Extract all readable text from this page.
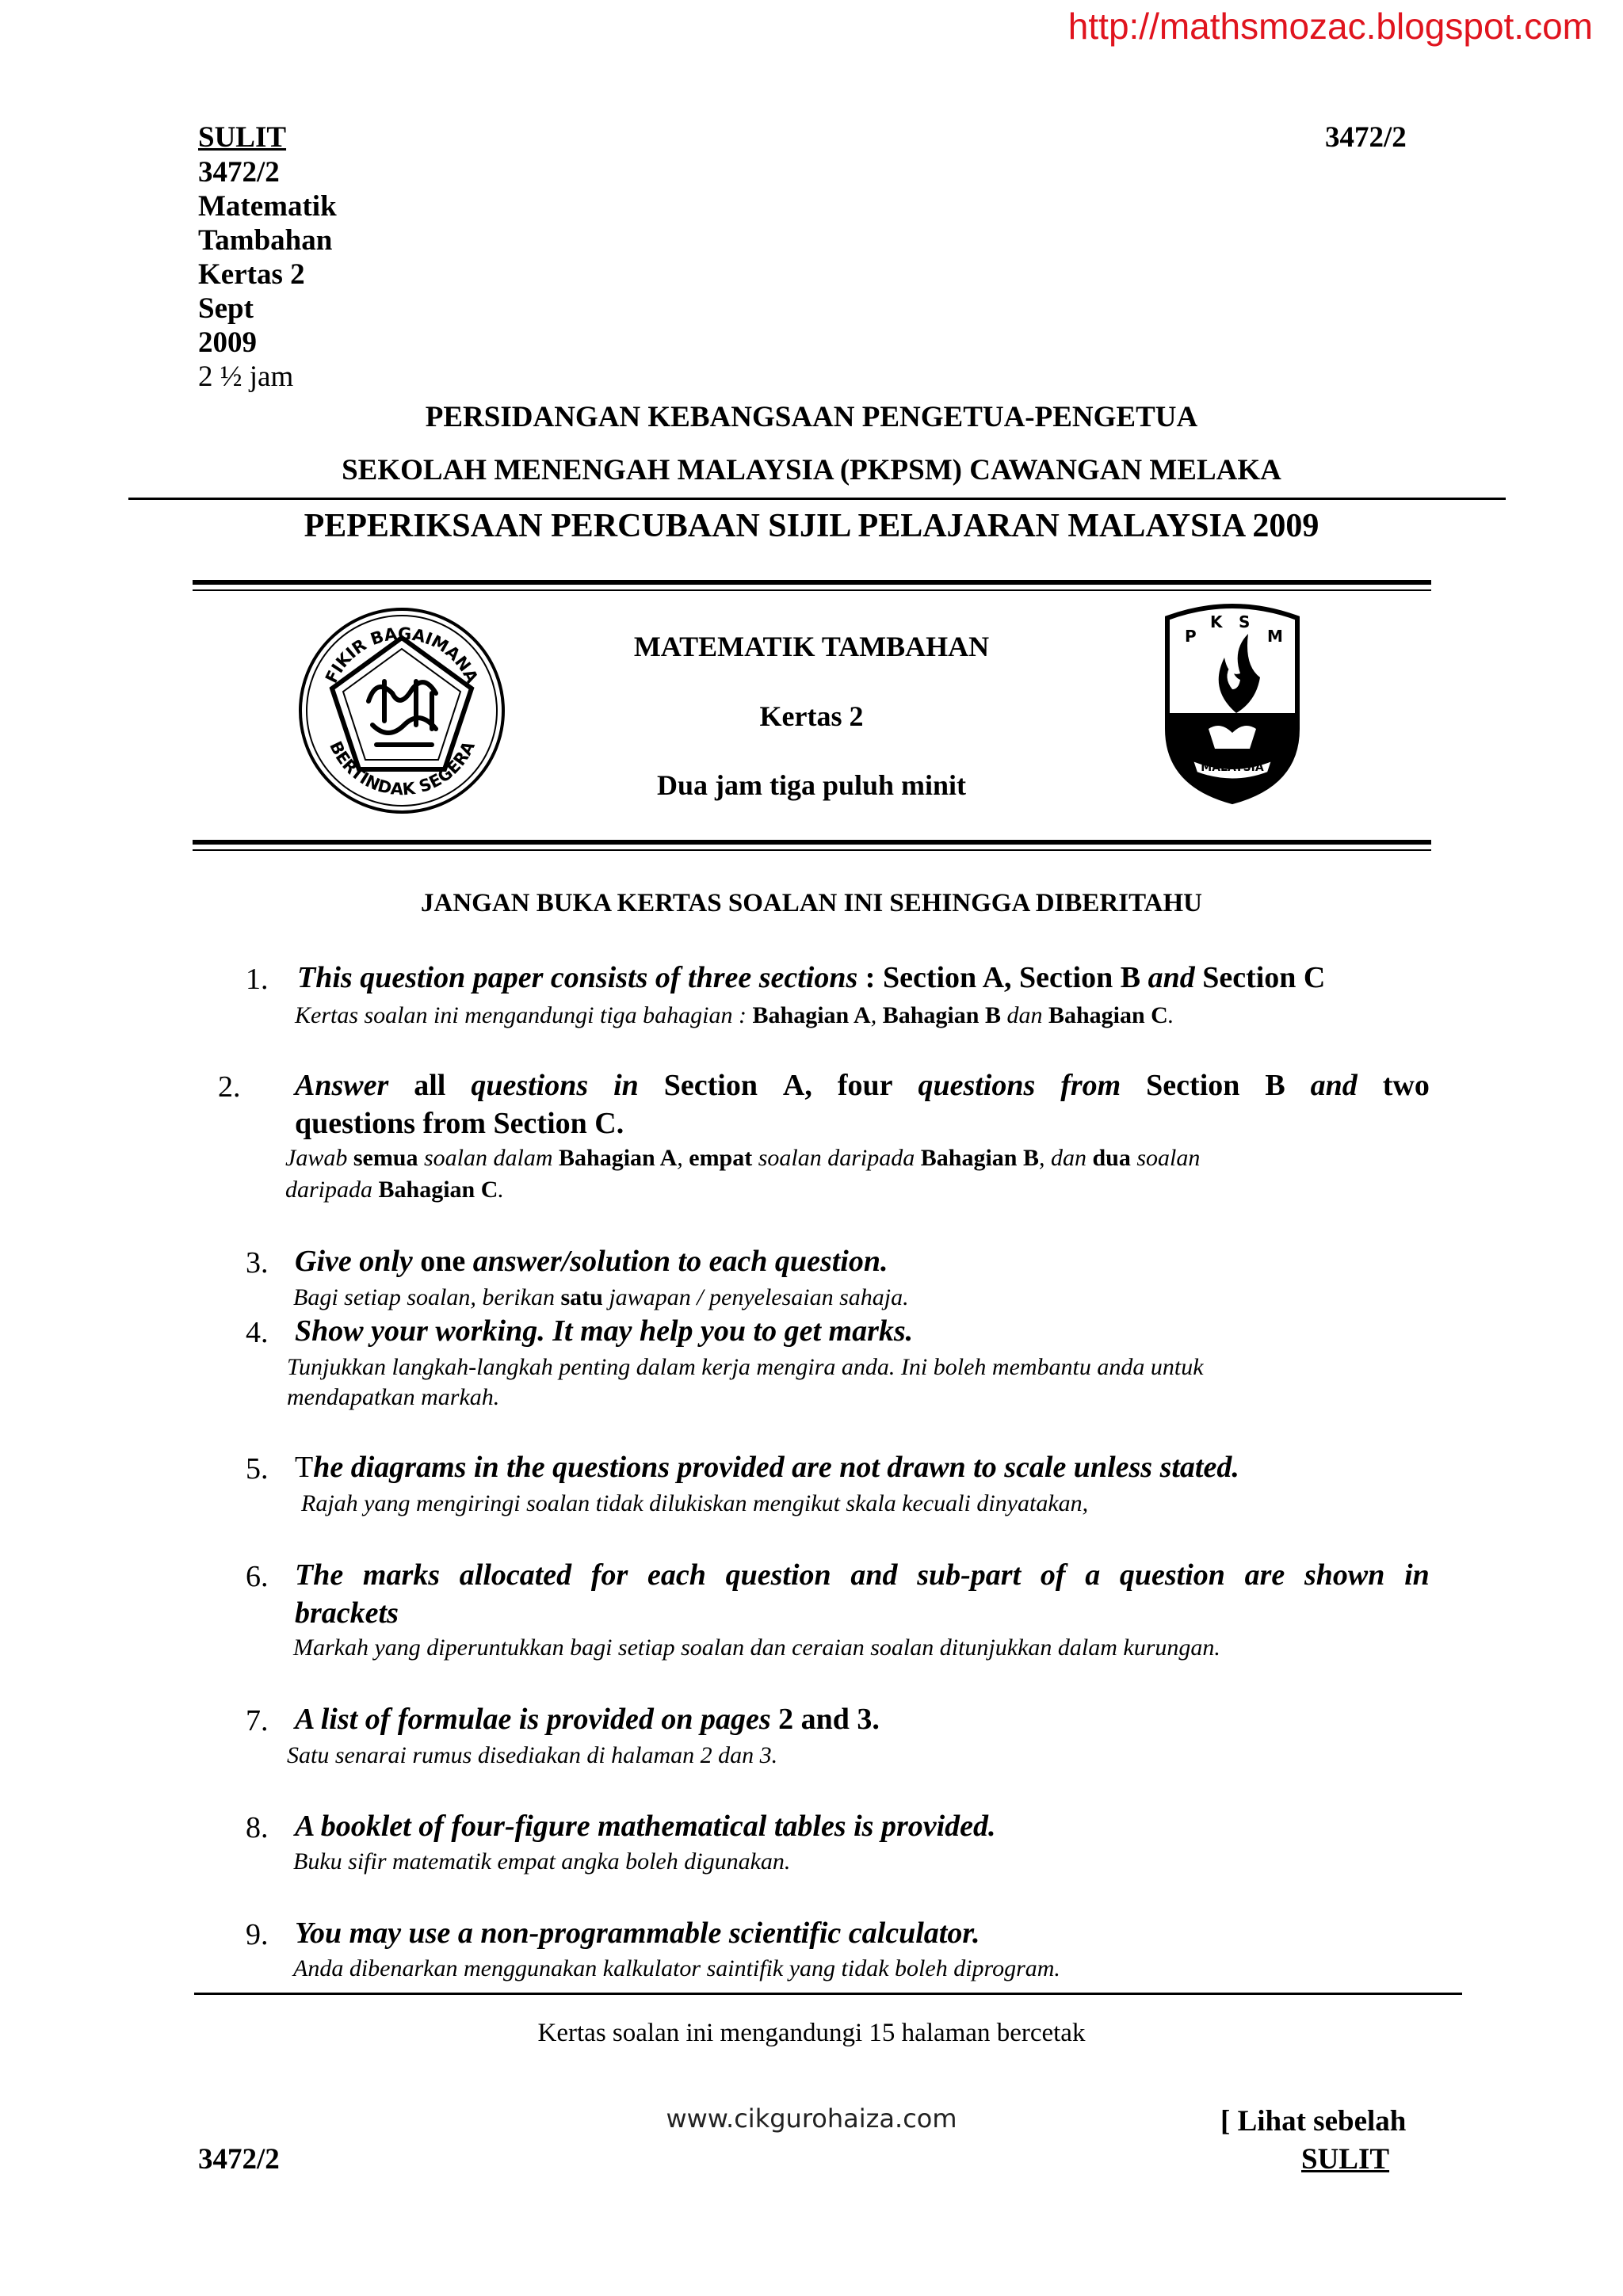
http://mathsmozac.blogspot.com
SULIT	3472/2
3472/2
Matematik
Tambahan
Kertas 2
Sept
2009
2 ½ jam
PERSIDANGAN KEBANGSAAN PENGETUA-PENGETUA
SEKOLAH MENENGAH MALAYSIA (PKPSM) CAWANGAN MELAKA
PEPERIKSAAN PERCUBAAN SIJIL PELAJARAN MALAYSIA 2009
FIKIR BAGAIMANA
BERTINDAK SEGERA
P
K S
M
MALAYSIA
MATEMATIK TAMBAHAN
Kertas 2
Dua jam tiga puluh minit
JANGAN BUKA KERTAS SOALAN INI SEHINGGA DIBERITAHU
1. This question paper consists of three sections : Section A, Section B and Section C
Kertas soalan ini mengandungi tiga bahagian : Bahagian A, Bahagian B dan Bahagian C.
2. Answer all questions in Section A, four questions from Section B and two
questions from Section C.
Jawab semua soalan dalam Bahagian A, empat soalan daripada Bahagian B, dan dua soalan
daripada Bahagian C.
3. Give only one answer/solution to each question.
Bagi setiap soalan, berikan satu jawapan / penyelesaian sahaja.
4. Show your working. It may help you to get marks.
Tunjukkan langkah-langkah penting dalam kerja mengira anda. Ini boleh membantu anda untuk
mendapatkan markah.
5. The diagrams in the questions provided are not drawn to scale unless stated.
Rajah yang mengiringi soalan tidak dilukiskan mengikut skala kecuali dinyatakan,
6. The marks allocated for each question and sub-part of a question are shown in
brackets
Markah yang diperuntukkan bagi setiap soalan dan ceraian soalan ditunjukkan dalam kurungan.
7. A list of formulae is provided on pages 2 and 3.
Satu senarai rumus disediakan di halaman 2 dan 3.
8. A booklet of four-figure mathematical tables is provided.
Buku sifir matematik empat angka boleh digunakan.
9. You may use a non-programmable scientific calculator.
Anda dibenarkan menggunakan kalkulator saintifik yang tidak boleh diprogram.
Kertas soalan ini mengandungi 15 halaman bercetak
www.cikgurohaiza.com	[ Lihat sebelah
3472/2	SULIT
